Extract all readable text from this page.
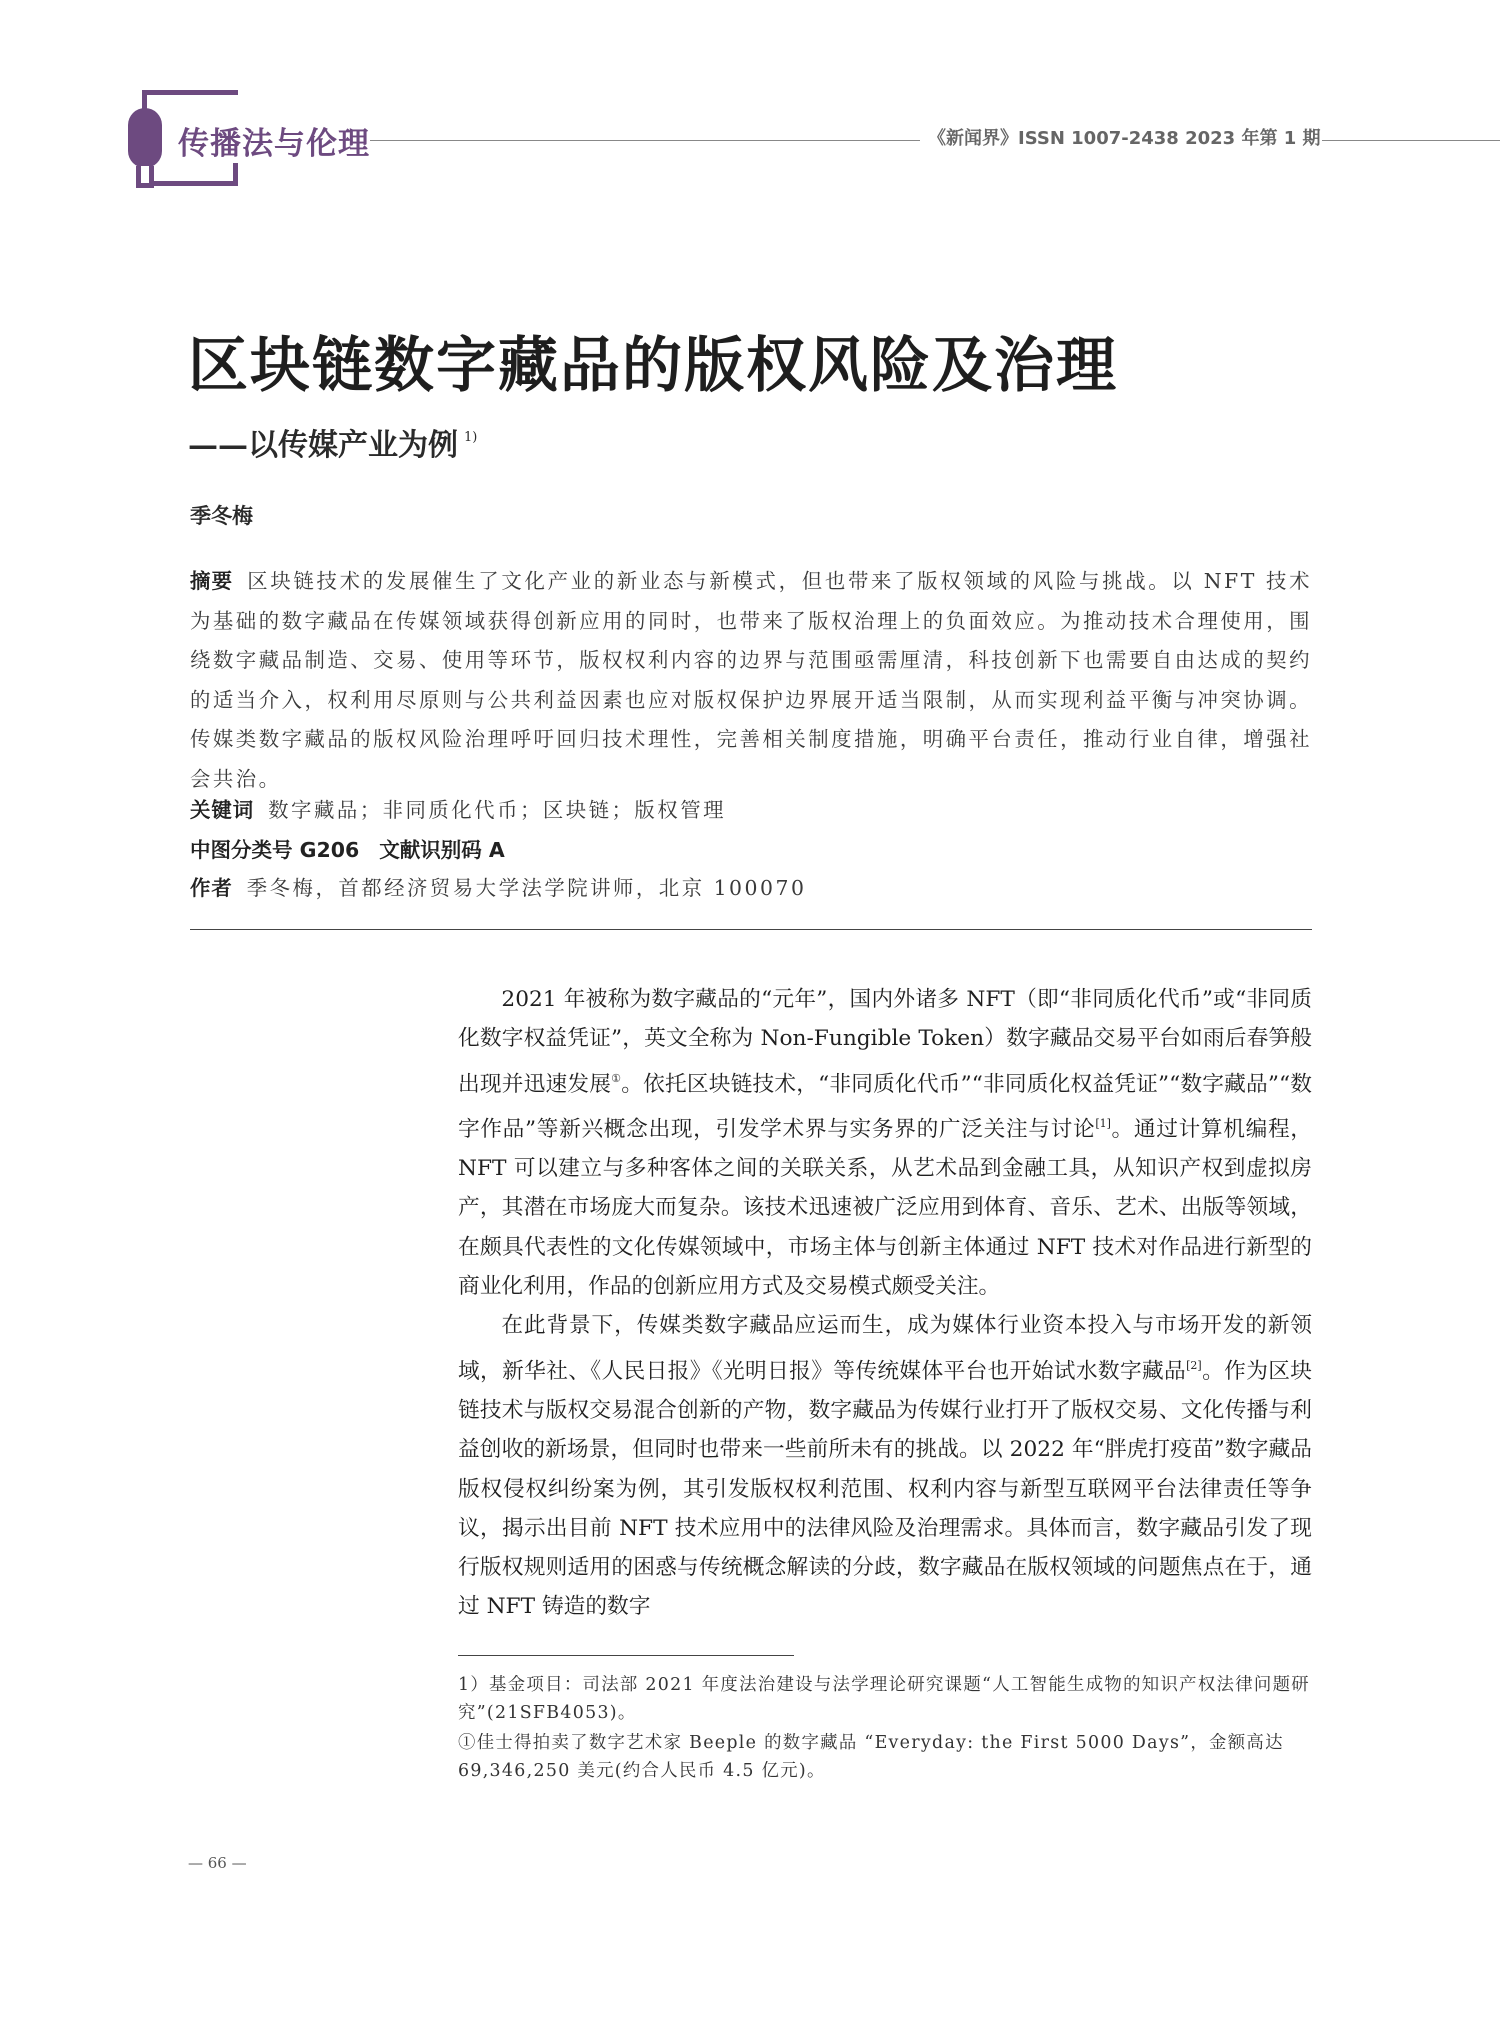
传播法与伦理	《新闻界》ISSN 1007-2438 2023 年第 1 期
区块链数字藏品的版权风险及治理
——以传媒产业为例 $^{1)}$
季冬梅

摘要 区块链技术的发展催生了文化产业的新业态与新模式，但也带来了版权领域的风险与挑战。以 NFT 技术为基础的数字藏品在传媒领域获得创新应用的同时，也带来了版权治理上的负面效应。为推动技术合理使用，围绕数字藏品制造、交易、使用等环节，版权权利内容的边界与范围亟需厘清，科技创新下也需要自由达成的契约的适当介入，权利用尽原则与公共利益因素也应对版权保护边界展开适当限制，从而实现利益平衡与冲突协调。传媒类数字藏品的版权风险治理呼吁回归技术理性，完善相关制度措施，明确平台责任，推动行业自律，增强社会共治。

关键词 数字藏品；非同质化代币；区块链；版权管理
中图分类号 G206 文献识别码 A
作者 季冬梅，首都经济贸易大学法学院讲师，北京 100070

2021 年被称为数字藏品的“元年”，国内外诸多 NFT（即“非同质化代币”或“非同质化数字权益凭证”，英文全称为 Non-Fungible Token）数字藏品交易平台如雨后春笋般出现并迅速发展①。依托区块链技术，“非同质化代币”“非同质化权益凭证”“数字藏品”“数字作品”等新兴概念出现，引发学术界与实务界的广泛关注与讨论[1]。通过计算机编程，NFT 可以建立与多种客体之间的关联关系，从艺术品到金融工具，从知识产权到虚拟房产，其潜在市场庞大而复杂。该技术迅速被广泛应用到体育、音乐、艺术、出版等领域，在颇具代表性的文化传媒领域中，市场主体与创新主体通过 NFT 技术对作品进行新型的商业化利用，作品的创新应用方式及交易模式颇受关注。

在此背景下，传媒类数字藏品应运而生，成为媒体行业资本投入与市场开发的新领域，新华社、《人民日报》《光明日报》等传统媒体平台也开始试水数字藏品[2]。作为区块链技术与版权交易混合创新的产物，数字藏品为传媒行业打开了版权交易、文化传播与利益创收的新场景，但同时也带来一些前所未有的挑战。以 2022 年“胖虎打疫苗”数字藏品版权侵权纠纷案为例，其引发版权权利范围、权利内容与新型互联网平台法律责任等争议，揭示出目前 NFT 技术应用中的法律风险及治理需求。具体而言，数字藏品引发了现行版权规则适用的困惑与传统概念解读的分歧，数字藏品在版权领域的问题焦点在于，通过 NFT 铸造的数字

1）基金项目：司法部 2021 年度法治建设与法学理论研究课题“人工智能生成物的知识产权法律问题研究”(21SFB4053)。

①佳士得拍卖了数字艺术家 Beeple 的数字藏品 “Everyday: the First 5000 Days”，金额高达 69,346,250 美元(约合人民币 4.5 亿元)。

— 66 —
